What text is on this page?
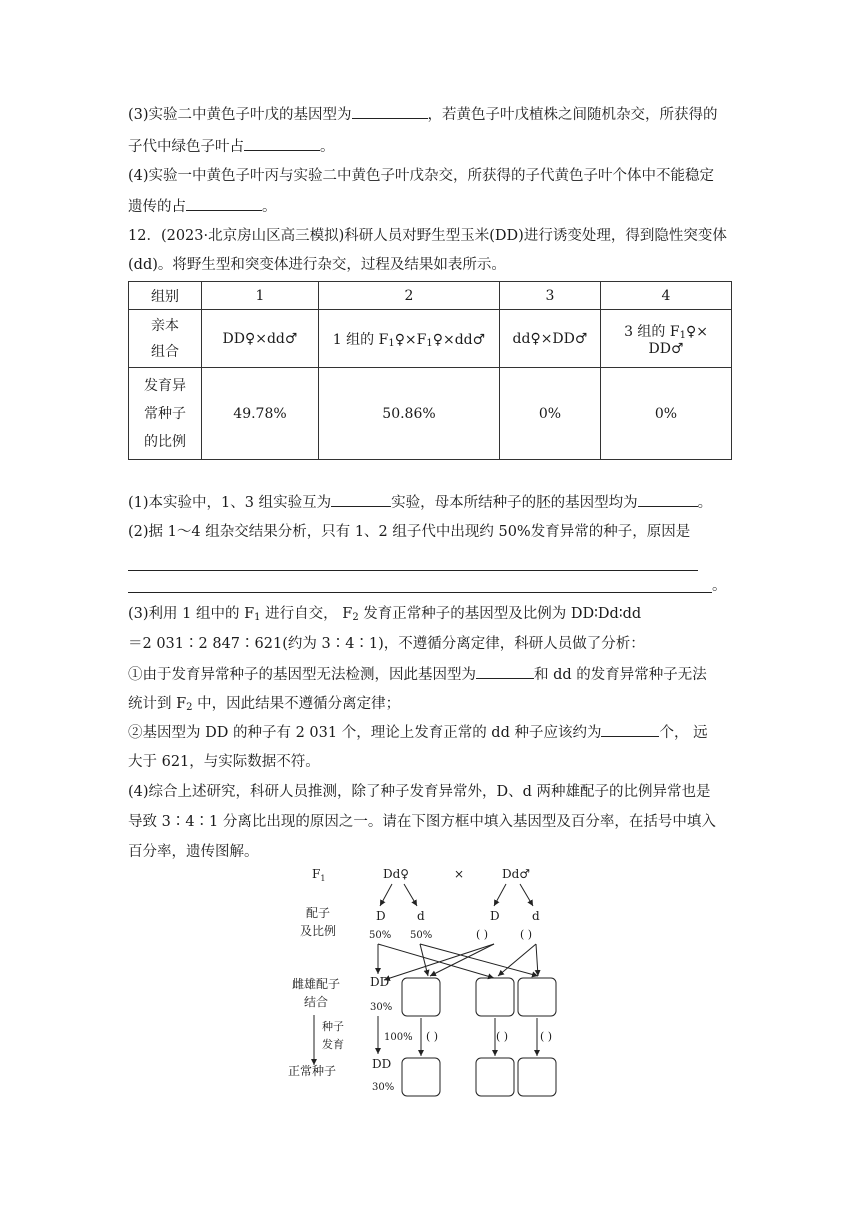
(3)实验二中黄色子叶戊的基因型为	，若黄色子叶戊植株之间随机杂交，所获得的
子代中绿色子叶占	。
(4)实验一中黄色子叶丙与实验二中黄色子叶戊杂交，所获得的子代黄色子叶个体中不能稳定
遗传的占	。
12．(2023·北京房山区高三模拟)科研人员对野生型玉米(DD)进行诱变处理，得到隐性突变体
(dd)。将野生型和突变体进行杂交，过程及结果如表所示。
组别	1	2	3	4
亲本
组合	DD♀×dd♂	1 组的 $F_1♀\times F_1♀\times dd♂$	dd♀×DD♂	3 组的 $F_1♀\times$ DD♂
发育异
常种子
的比例	49.78%	50.86%	0%	0%
(1)本实验中，1、3 组实验互为	实验，母本所结种子的胚的基因型均为	。
(2)据 1～4 组杂交结果分析，只有 1、2 组子代中出现约 50%发育异常的种子，原因是
。
(3)利用 1 组中的 $F_1$ 进行自交， $F_2$ 发育正常种子的基因型及比例为 DD∶Dd∶dd
＝2 031∶2 847∶621(约为 3∶4∶1)，不遵循分离定律，科研人员做了分析：
①由于发育异常种子的基因型无法检测，因此基因型为	和 dd 的发育异常种子无法
统计到 $F_2$ 中，因此结果不遵循分离定律；
②基因型为 DD 的种子有 2 031 个，理论上发育正常的 dd 种子应该约为	个， 远
大于 621，与实际数据不符。
(4)综合上述研究，科研人员推测，除了种子发育异常外，D、d 两种雄配子的比例异常也是
导致 3∶4∶1 分离比出现的原因之一。请在下图方框中填入基因型及百分率，在括号中填入
百分率，遗传图解。
$F_1$	Dd♀	×	Dd♂
配子
及比例
D	d	D	d
50% 50%	( )	( )
雌雄配子
结合
DD
30%
种子
发育
100% ( )	( )	( )
正常种子	DD
30%
